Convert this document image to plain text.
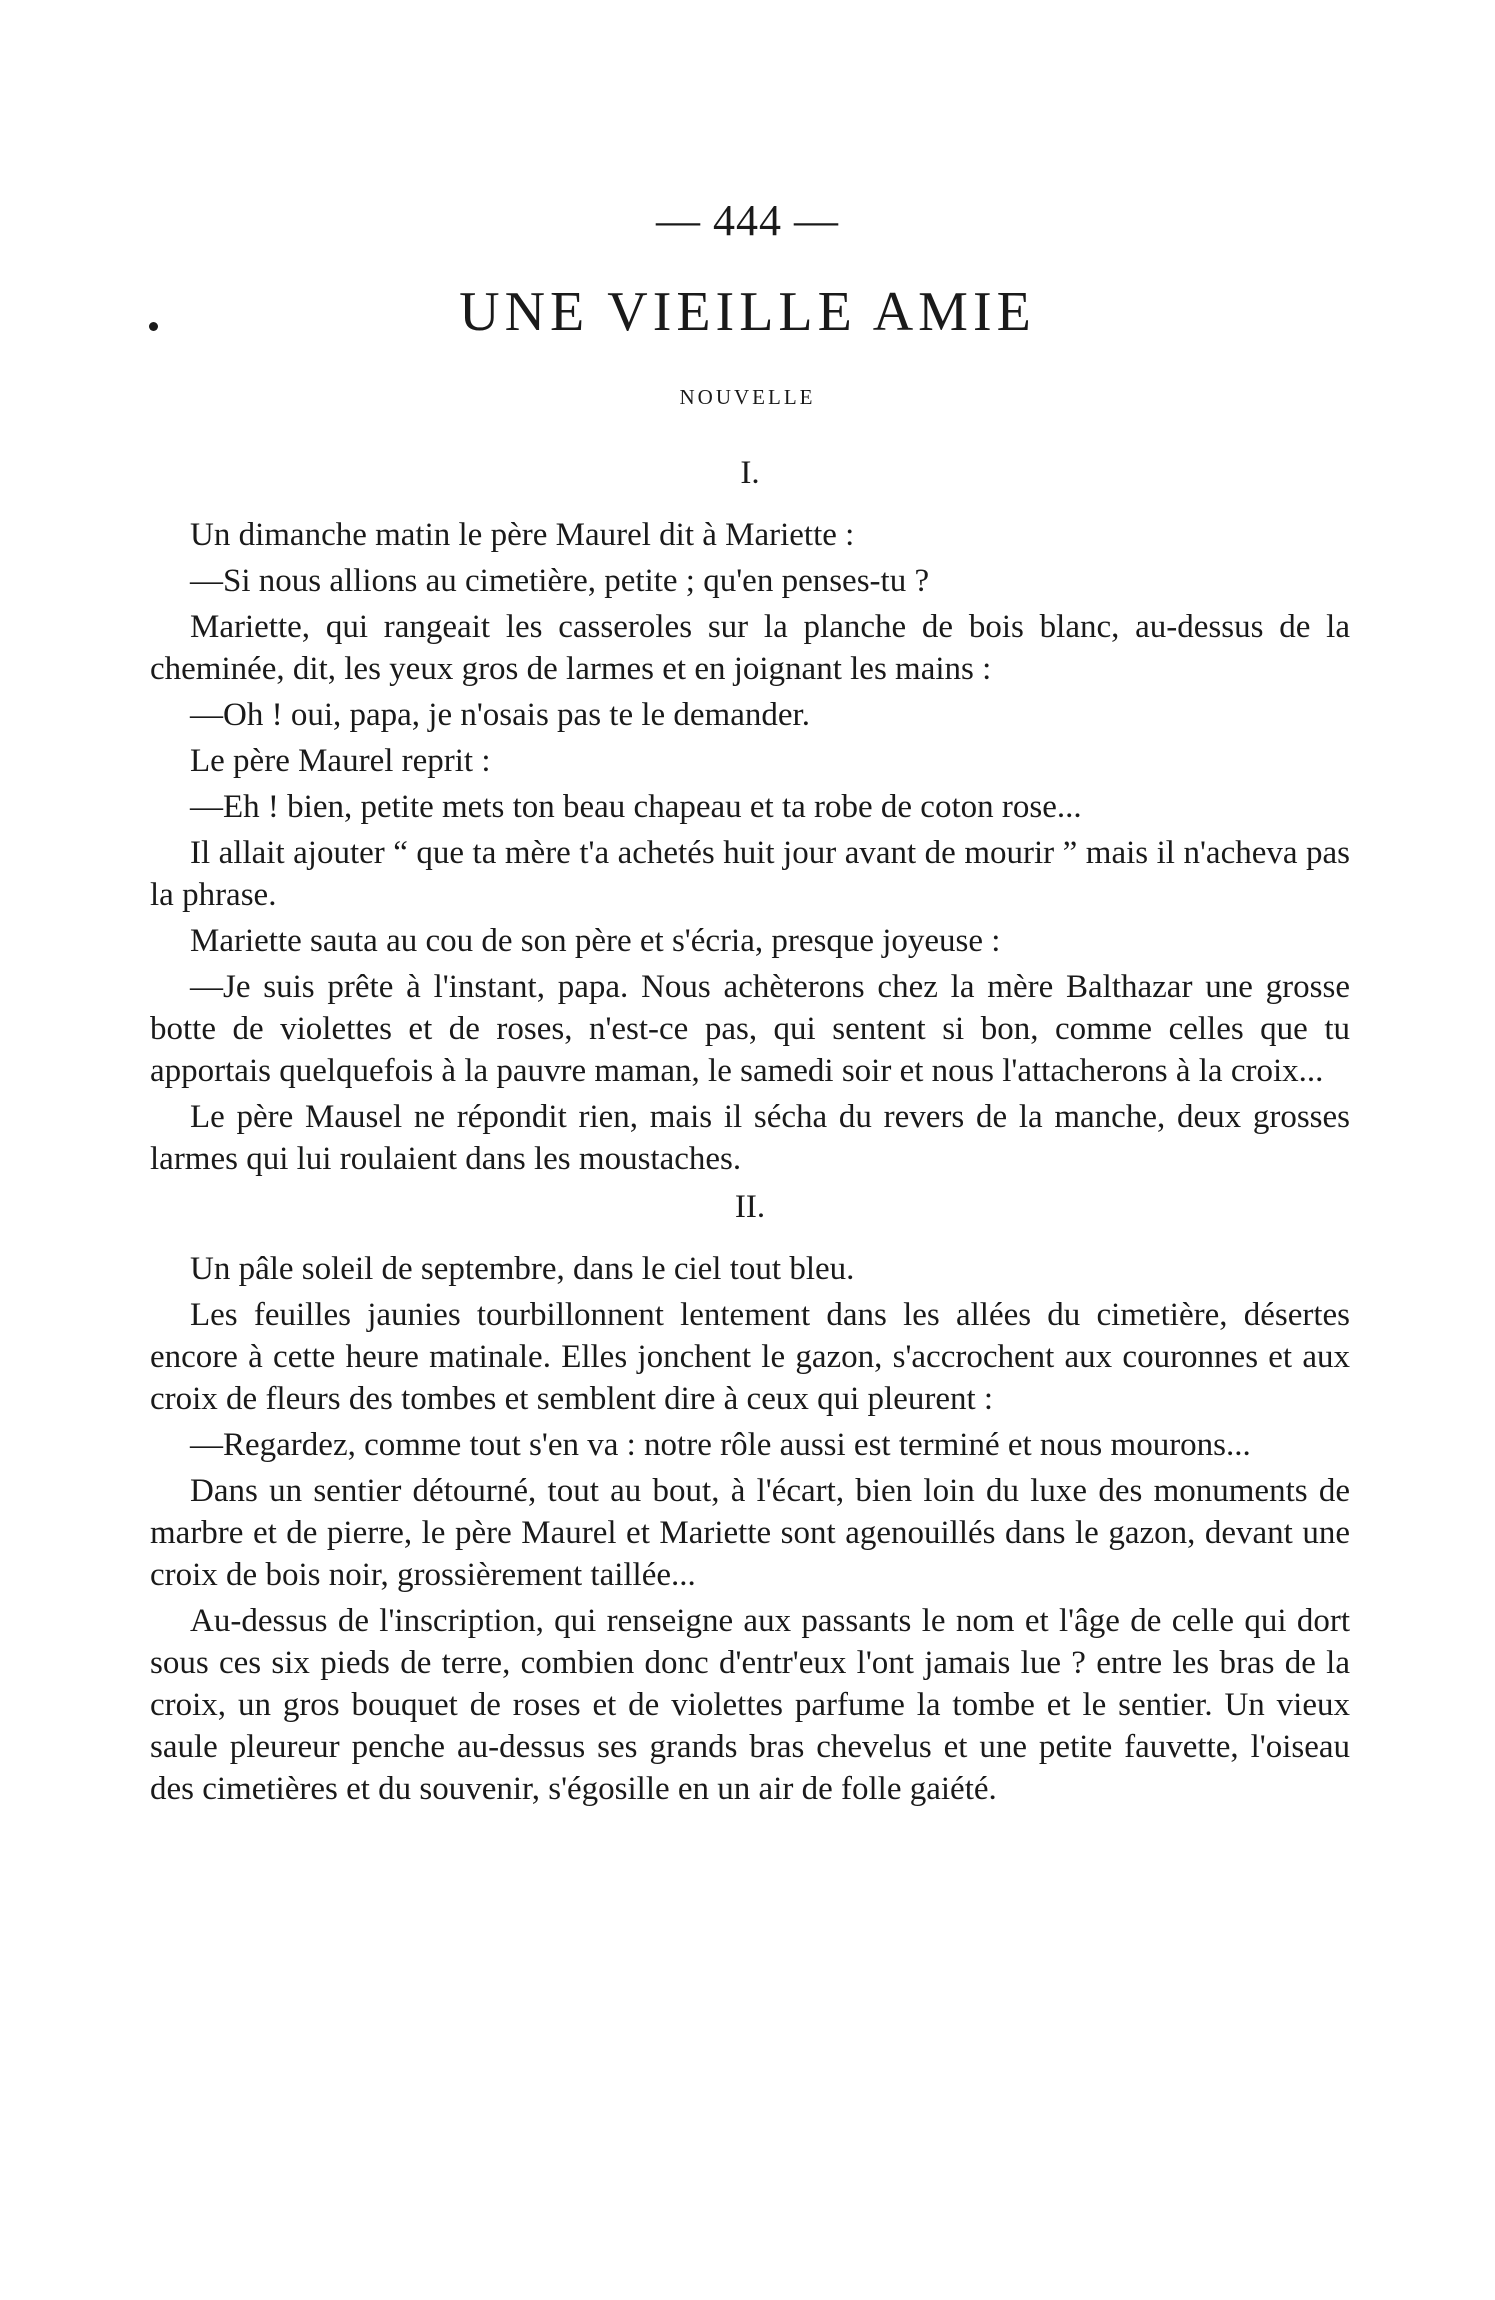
— 444 —
UNE VIEILLE AMIE
NOUVELLE
I.

Un dimanche matin le père Maurel dit à Mariette :

—Si nous allions au cimetière, petite ; qu'en penses-tu ?

Mariette, qui rangeait les casseroles sur la planche de bois blanc, au-dessus de la cheminée, dit, les yeux gros de larmes et en joignant les mains :

—Oh ! oui, papa, je n'osais pas te le demander.

Le père Maurel reprit :

—Eh ! bien, petite mets ton beau chapeau et ta robe de coton rose...

Il allait ajouter “ que ta mère t'a achetés huit jour avant de mourir ” mais il n'acheva pas la phrase.

Mariette sauta au cou de son père et s'écria, presque joyeuse :

—Je suis prête à l'instant, papa. Nous achèterons chez la mère Balthazar une grosse botte de violettes et de roses, n'est-ce pas, qui sentent si bon, comme celles que tu apportais quelquefois à la pauvre maman, le samedi soir et nous l'attacherons à la croix...

Le père Mausel ne répondit rien, mais il sécha du revers de la manche, deux grosses larmes qui lui roulaient dans les moustaches.

II.

Un pâle soleil de septembre, dans le ciel tout bleu.

Les feuilles jaunies tourbillonnent lentement dans les allées du cimetière, désertes encore à cette heure matinale. Elles jonchent le gazon, s'accrochent aux couronnes et aux croix de fleurs des tombes et semblent dire à ceux qui pleurent :

—Regardez, comme tout s'en va : notre rôle aussi est terminé et nous mourons...

Dans un sentier détourné, tout au bout, à l'écart, bien loin du luxe des monuments de marbre et de pierre, le père Maurel et Mariette sont agenouillés dans le gazon, devant une croix de bois noir, grossièrement taillée...

Au-dessus de l'inscription, qui renseigne aux passants le nom et l'âge de celle qui dort sous ces six pieds de terre, combien donc d'entr'eux l'ont jamais lue ? entre les bras de la croix, un gros bouquet de roses et de violettes parfume la tombe et le sentier. Un vieux saule pleureur penche au-dessus ses grands bras chevelus et une petite fauvette, l'oiseau des cimetières et du souvenir, s'égosille en un air de folle gaiété.
